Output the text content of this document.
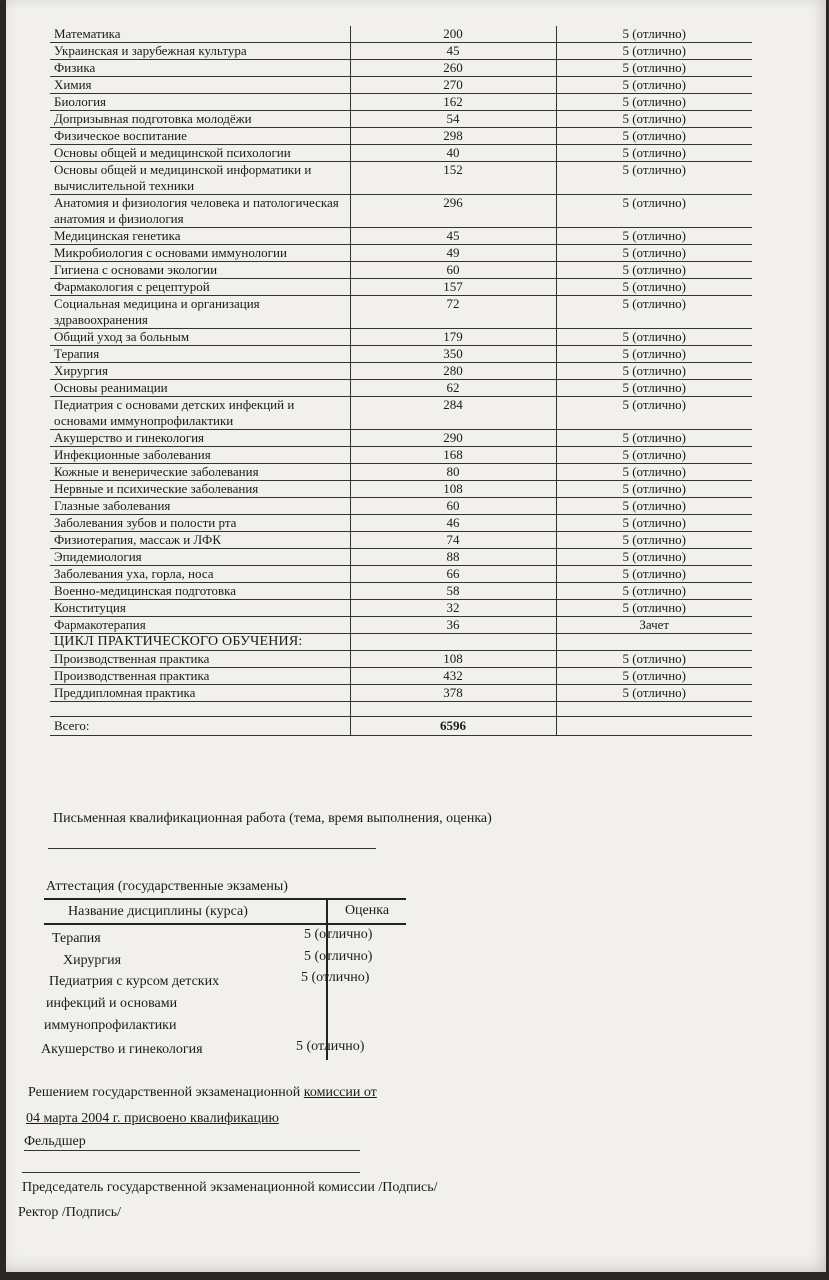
Математика	200	5 (отлично)
Украинская и зарубежная культура	45	5 (отлично)
Физика	260	5 (отлично)
Химия	270	5 (отлично)
Биология	162	5 (отлично)
Допризывная подготовка молодёжи	54	5 (отлично)
Физическое воспитание	298	5 (отлично)
Основы общей и медицинской психологии	40	5 (отлично)
Основы общей и медицинской информатики и вычислительной техники	152	5 (отлично)
Анатомия и физиология человека и патологическая анатомия и физиология	296	5 (отлично)
Медицинская генетика	45	5 (отлично)
Микробиология с основами иммунологии	49	5 (отлично)
Гигиена с основами экологии	60	5 (отлично)
Фармакология с рецептурой	157	5 (отлично)
Социальная медицина и организация здравоохранения	72	5 (отлично)
Общий уход за больным	179	5 (отлично)
Терапия	350	5 (отлично)
Хирургия	280	5 (отлично)
Основы реанимации	62	5 (отлично)
Педиатрия с основами детских инфекций и основами иммунопрофилактики	284	5 (отлично)
Акушерство и гинекология	290	5 (отлично)
Инфекционные заболевания	168	5 (отлично)
Кожные и венерические заболевания	80	5 (отлично)
Нервные и психические заболевания	108	5 (отлично)
Глазные заболевания	60	5 (отлично)
Заболевания зубов и полости рта	46	5 (отлично)
Физиотерапия, массаж и ЛФК	74	5 (отлично)
Эпидемиология	88	5 (отлично)
Заболевания уха, горла, носа	66	5 (отлично)
Военно-медицинская подготовка	58	5 (отлично)
Конституция	32	5 (отлично)
Фармакотерапия	36	Зачет
ЦИКЛ ПРАКТИЧЕСКОГО ОБУЧЕНИЯ:		
Производственная практика	108	5 (отлично)
Производственная практика	432	5 (отлично)
Преддипломная практика	378	5 (отлично)

Всего:	6596	
Письменная квалификационная работа (тема, время выполнения, оценка)
Аттестация (государственные экзамены)
Название дисциплины (курса)	Оценка
Терапия	5 (отлично)
Хирургия	5 (отлично)
Педиатрия с курсом детских
инфекций и основами
иммунопрофилактики
5 (отлично)
Акушерство и гинекология	5 (отлично)
Решением государственной экзаменационной комиссии от
04 марта 2004 г. присвоено квалификацию
Фельдшер
Председатель государственной экзаменационной комиссии /Подпись/
Ректор /Подпись/
